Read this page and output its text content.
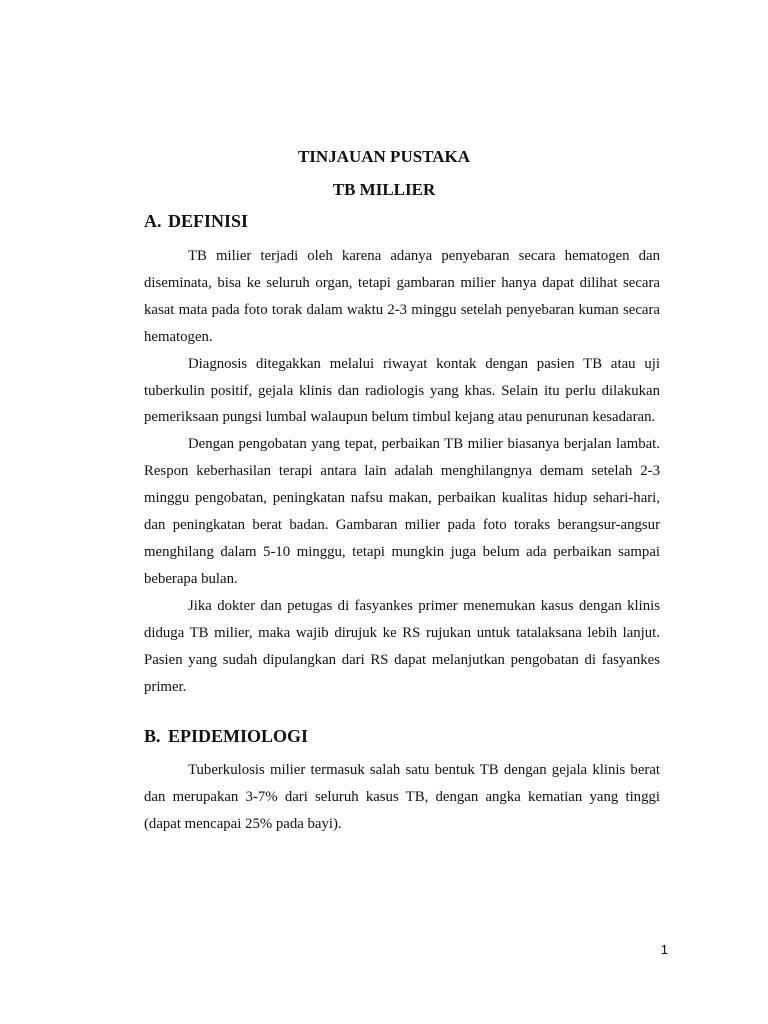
TINJAUAN PUSTAKA
TB MILLIER
A. DEFINISI

TB milier terjadi oleh karena adanya penyebaran secara hematogen dan diseminata, bisa ke seluruh organ, tetapi gambaran milier hanya dapat dilihat secara kasat mata pada foto torak dalam waktu 2-3 minggu setelah penyebaran kuman secara hematogen.

Diagnosis ditegakkan melalui riwayat kontak dengan pasien TB atau uji tuberkulin positif, gejala klinis dan radiologis yang khas. Selain itu perlu dilakukan pemeriksaan pungsi lumbal walaupun belum timbul kejang atau penurunan kesadaran.

Dengan pengobatan yang tepat, perbaikan TB milier biasanya berjalan lambat. Respon keberhasilan terapi antara lain adalah menghilangnya demam setelah 2-3 minggu pengobatan, peningkatan nafsu makan, perbaikan kualitas hidup sehari-hari, dan peningkatan berat badan. Gambaran milier pada foto toraks berangsur-angsur menghilang dalam 5-10 minggu, tetapi mungkin juga belum ada perbaikan sampai beberapa bulan.

Jika dokter dan petugas di fasyankes primer menemukan kasus dengan klinis diduga TB milier, maka wajib dirujuk ke RS rujukan untuk tatalaksana lebih lanjut. Pasien yang sudah dipulangkan dari RS dapat melanjutkan pengobatan di fasyankes primer.

B. EPIDEMIOLOGI

Tuberkulosis milier termasuk salah satu bentuk TB dengan gejala klinis berat dan merupakan 3-7% dari seluruh kasus TB, dengan angka kematian yang tinggi (dapat mencapai 25% pada bayi).

1
